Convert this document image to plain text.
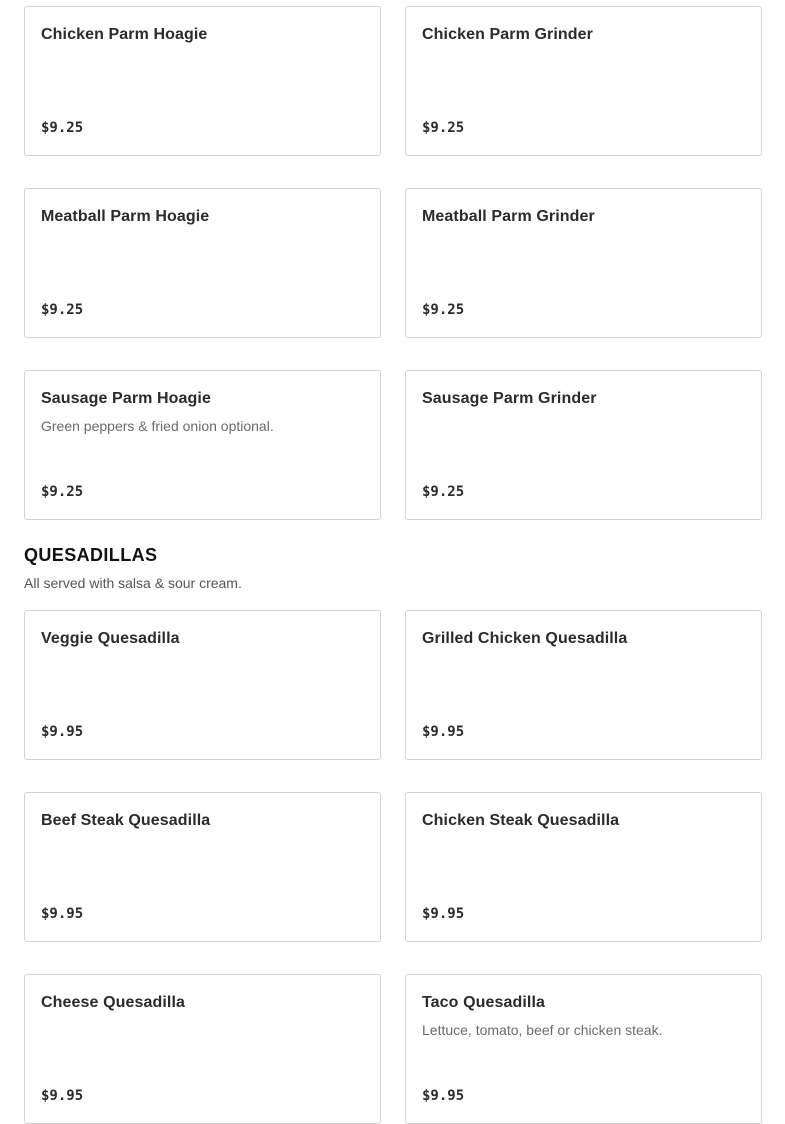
Chicken Parm Hoagie
$9.25
Chicken Parm Grinder
$9.25
Meatball Parm Hoagie
$9.25
Meatball Parm Grinder
$9.25
Sausage Parm Hoagie
Green peppers & fried onion optional.
$9.25
Sausage Parm Grinder
$9.25
QUESADILLAS
All served with salsa & sour cream.
Veggie Quesadilla
$9.95
Grilled Chicken Quesadilla
$9.95
Beef Steak Quesadilla
$9.95
Chicken Steak Quesadilla
$9.95
Cheese Quesadilla
$9.95
Taco Quesadilla
Lettuce, tomato, beef or chicken steak.
$9.95
